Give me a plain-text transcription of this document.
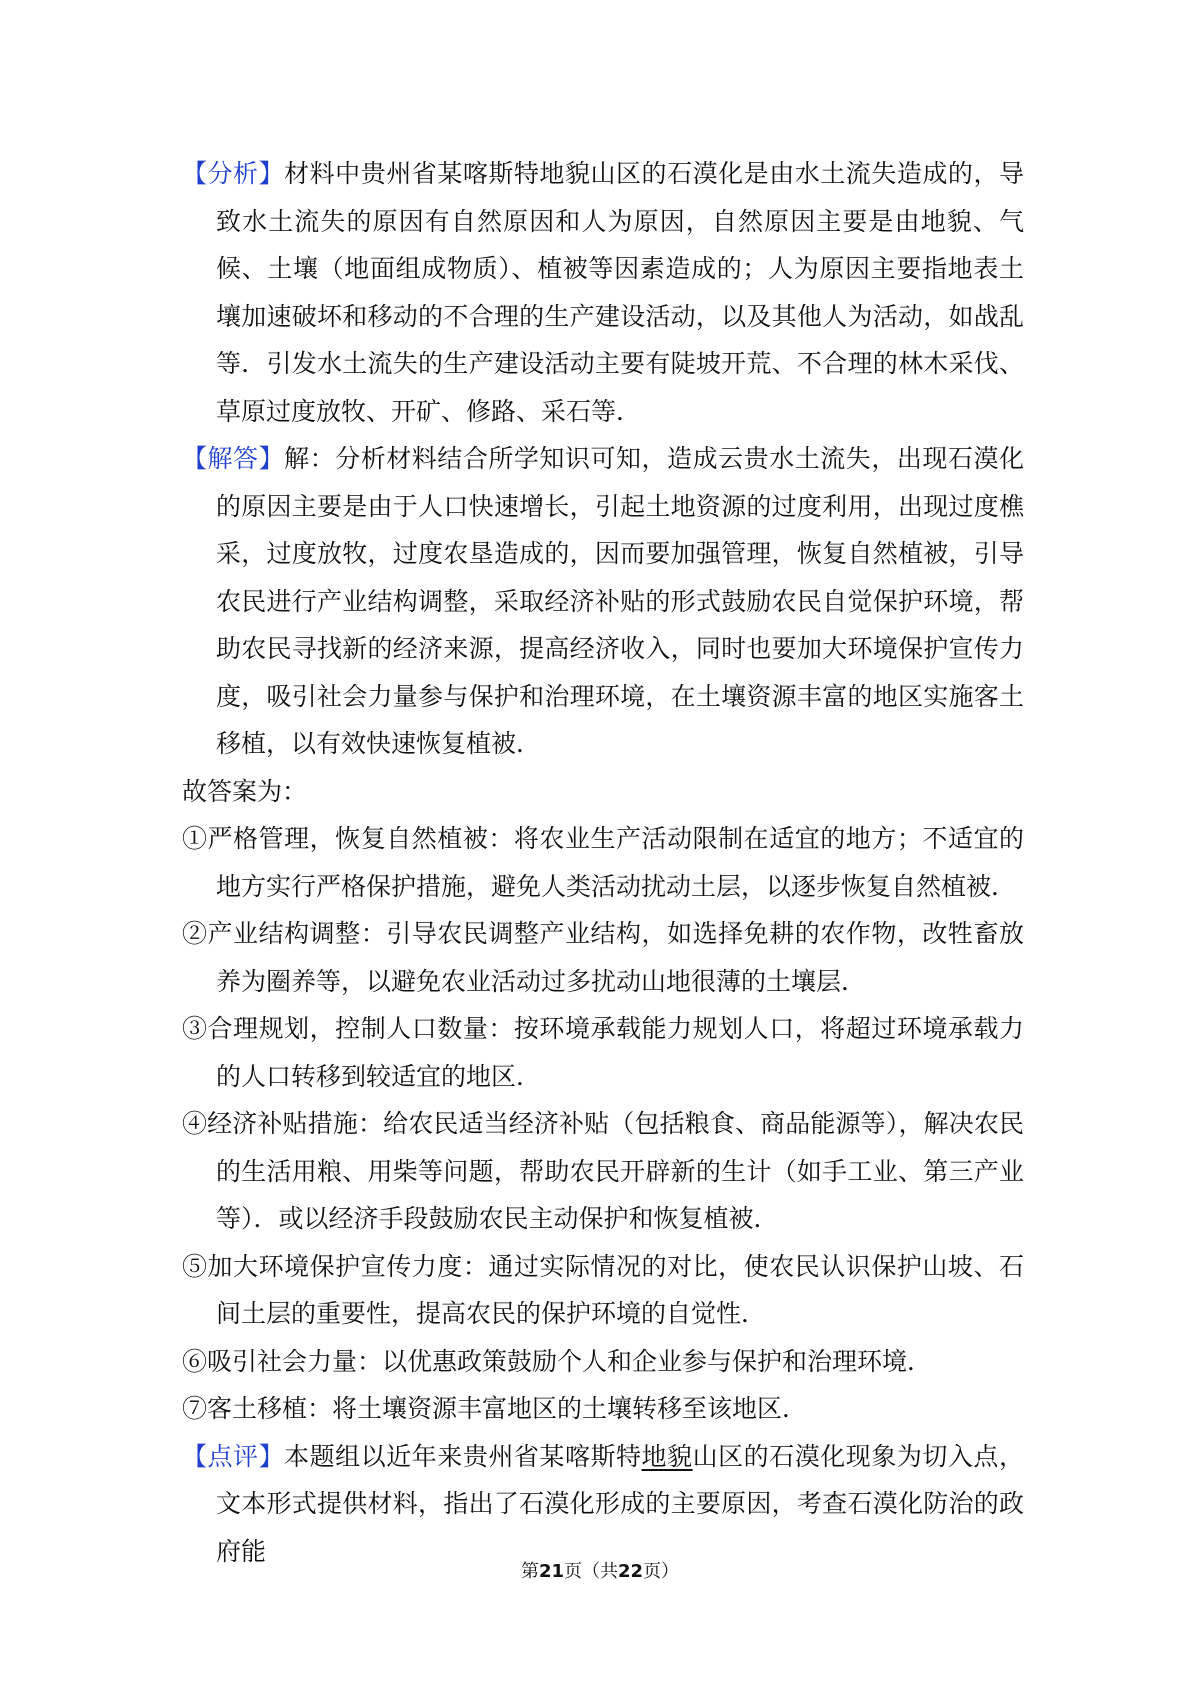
【分析】材料中贵州省某喀斯特地貌山区的石漠化是由水土流失造成的，导致水土流失的原因有自然原因和人为原因，自然原因主要是由地貌、气候、土壤（地面组成物质）、植被等因素造成的；人为原因主要指地表土壤加速破坏和移动的不合理的生产建设活动，以及其他人为活动，如战乱等．引发水土流失的生产建设活动主要有陡坡开荒、不合理的林木采伐、草原过度放牧、开矿、修路、采石等．

【解答】解：分析材料结合所学知识可知，造成云贵水土流失，出现石漠化的原因主要是由于人口快速增长，引起土地资源的过度利用，出现过度樵采，过度放牧，过度农垦造成的，因而要加强管理，恢复自然植被，引导农民进行产业结构调整，采取经济补贴的形式鼓励农民自觉保护环境，帮助农民寻找新的经济来源，提高经济收入，同时也要加大环境保护宣传力度，吸引社会力量参与保护和治理环境，在土壤资源丰富的地区实施客土移植，以有效快速恢复植被．

故答案为：

①严格管理，恢复自然植被：将农业生产活动限制在适宜的地方；不适宜的地方实行严格保护措施，避免人类活动扰动土层，以逐步恢复自然植被．

②产业结构调整：引导农民调整产业结构，如选择免耕的农作物，改牲畜放养为圈养等，以避免农业活动过多扰动山地很薄的土壤层．

③合理规划，控制人口数量：按环境承载能力规划人口，将超过环境承载力的人口转移到较适宜的地区．

④经济补贴措施：给农民适当经济补贴（包括粮食、商品能源等），解决农民的生活用粮、用柴等问题，帮助农民开辟新的生计（如手工业、第三产业等）．或以经济手段鼓励农民主动保护和恢复植被．

⑤加大环境保护宣传力度：通过实际情况的对比，使农民认识保护山坡、石间土层的重要性，提高农民的保护环境的自觉性．

⑥吸引社会力量：以优惠政策鼓励个人和企业参与保护和治理环境．

⑦客土移植：将土壤资源丰富地区的土壤转移至该地区．

【点评】本题组以近年来贵州省某喀斯特地貌山区的石漠化现象为切入点，文本形式提供材料，指出了石漠化形成的主要原因，考查石漠化防治的政府能

第21页（共22页）
